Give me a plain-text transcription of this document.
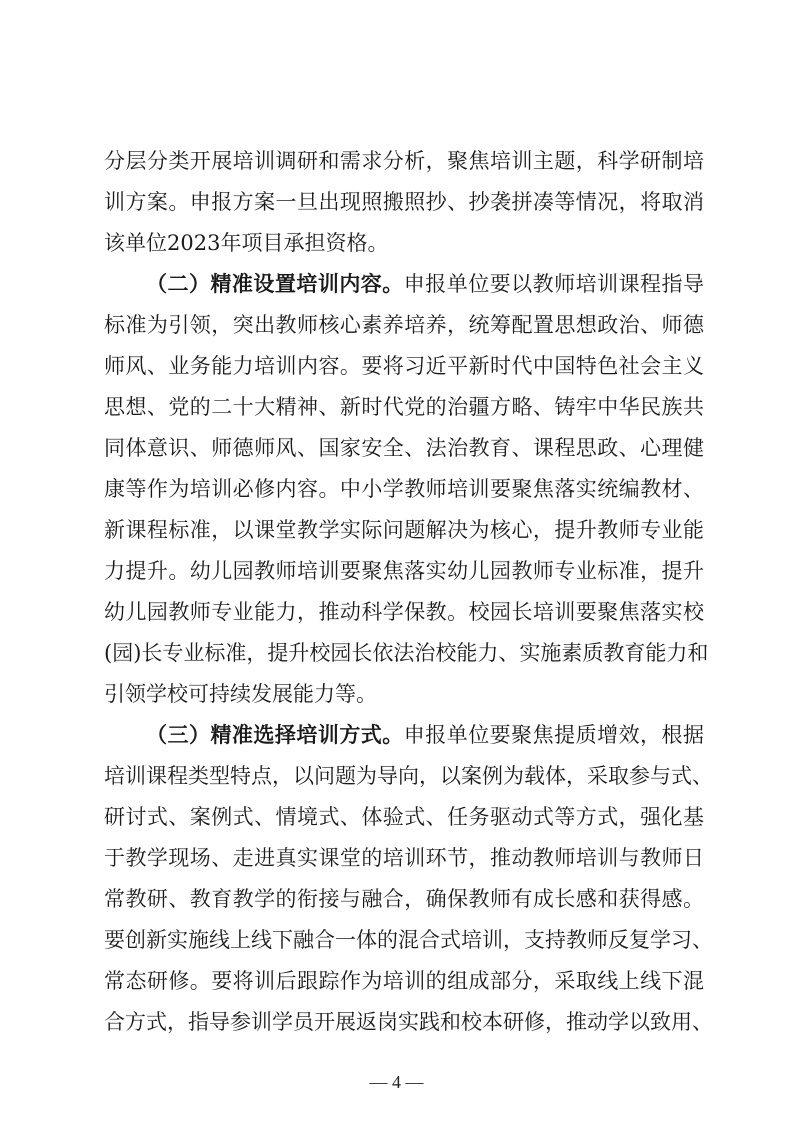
分层分类开展培训调研和需求分析，聚焦培训主题，科学研制培
训方案。申报方案一旦出现照搬照抄、抄袭拼凑等情况，将取消
该单位2023年项目承担资格。
（二）精准设置培训内容。申报单位要以教师培训课程指导
标准为引领，突出教师核心素养培养，统筹配置思想政治、师德
师风、业务能力培训内容。要将习近平新时代中国特色社会主义
思想、党的二十大精神、新时代党的治疆方略、铸牢中华民族共
同体意识、师德师风、国家安全、法治教育、课程思政、心理健
康等作为培训必修内容。中小学教师培训要聚焦落实统编教材、
新课程标准，以课堂教学实际问题解决为核心，提升教师专业能
力提升。幼儿园教师培训要聚焦落实幼儿园教师专业标准，提升
幼儿园教师专业能力，推动科学保教。校园长培训要聚焦落实校
(园)长专业标准，提升校园长依法治校能力、实施素质教育能力和
引领学校可持续发展能力等。
（三）精准选择培训方式。申报单位要聚焦提质增效，根据
培训课程类型特点，以问题为导向，以案例为载体，采取参与式、
研讨式、案例式、情境式、体验式、任务驱动式等方式，强化基
于教学现场、走进真实课堂的培训环节，推动教师培训与教师日
常教研、教育教学的衔接与融合，确保教师有成长感和获得感。
要创新实施线上线下融合一体的混合式培训，支持教师反复学习、
常态研修。要将训后跟踪作为培训的组成部分，采取线上线下混
合方式，指导参训学员开展返岗实践和校本研修，推动学以致用、
— 4 —
